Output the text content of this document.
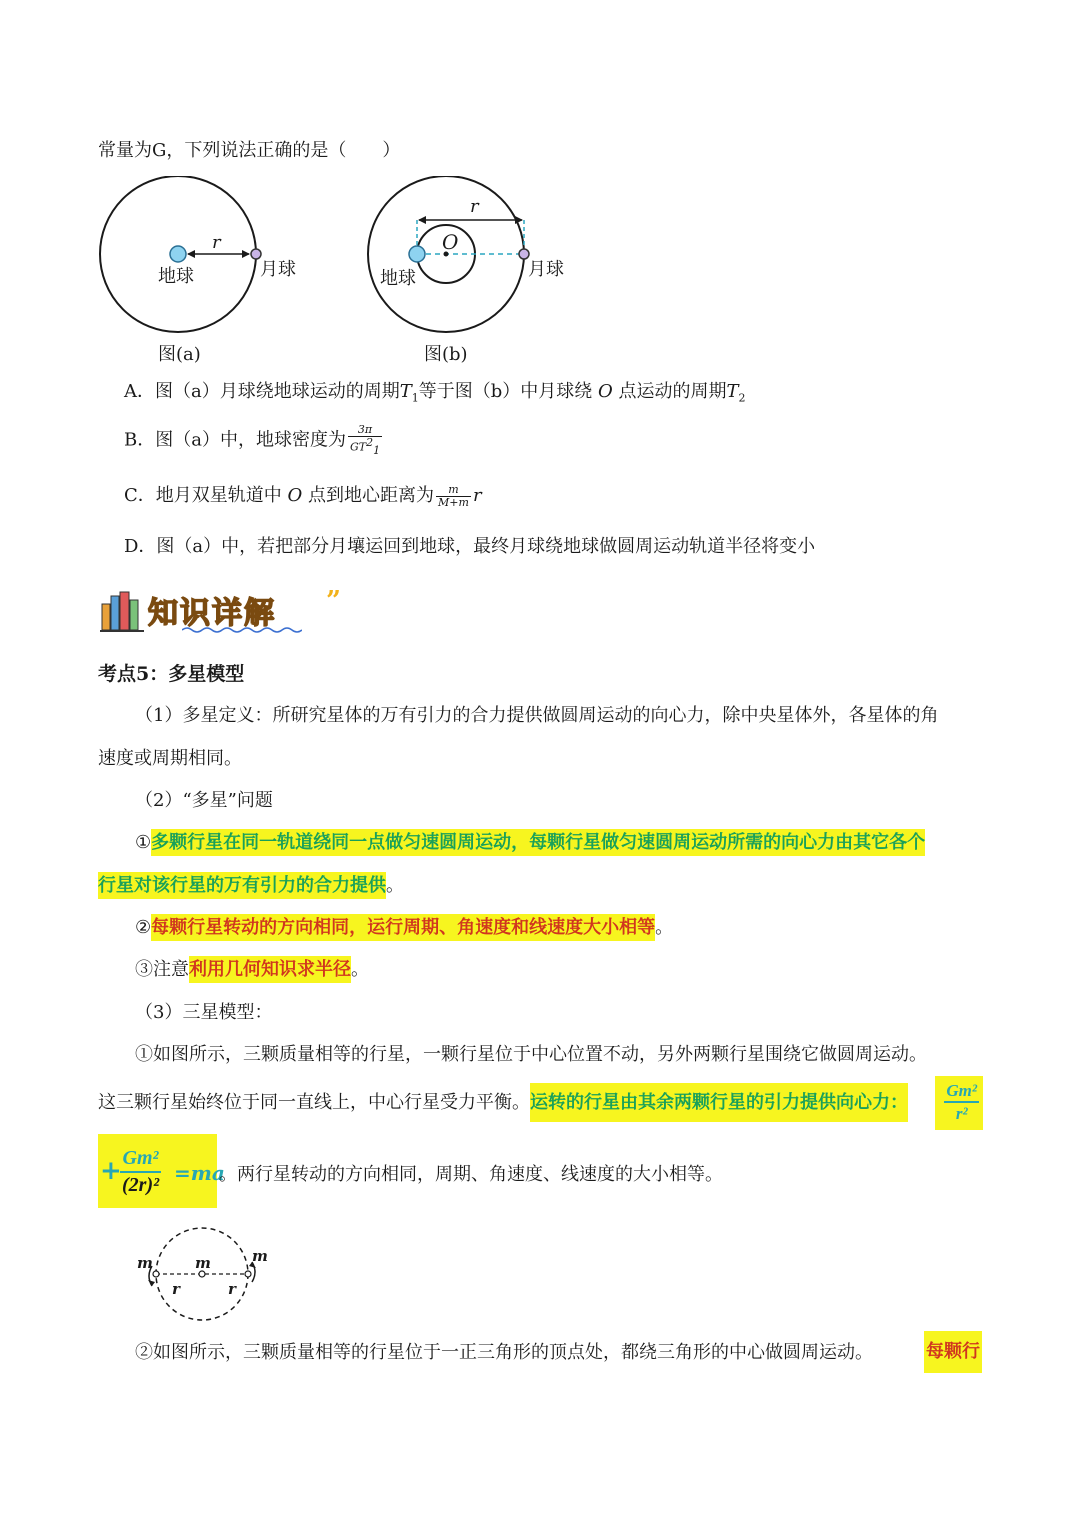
常量为G，下列说法正确的是（　　）
r
地球	月球
图(a)
r
O
地球	月球
图(b)
A．图（a）月球绕地球运动的周期$T_1$等于图（b）中月球绕 O 点运动的周期$T_2$
B．图（a）中，地球密度为 $\frac{3\pi}{GT^2_1}$
C．地月双星轨道中 O 点到地心距离为 $\frac{m}{M+m}$ r
D．图（a）中，若把部分月壤运回到地球，最终月球绕地球做圆周运动轨道半径将变小
知识详解 ”
考点5：多星模型
（1）多星定义：所研究星体的万有引力的合力提供做圆周运动的向心力，除中央星体外，各星体的角
速度或周期相同。
（2）“多星”问题
①多颗行星在同一轨道绕同一点做匀速圆周运动，每颗行星做匀速圆周运动所需的向心力由其它各个
行星对该行星的万有引力的合力提供。
②每颗行星转动的方向相同，运行周期、角速度和线速度大小相等。
③注意利用几何知识求半径。
（3）三星模型：
①如图所示，三颗质量相等的行星，一颗行星位于中心位置不动，另外两颗行星围绕它做圆周运动。
这三颗行星始终位于同一直线上，中心行星受力平衡。运转的行星由其余两颗行星的引力提供向心力： $\frac{\text{Gm²}}{\text{r²}}$
+
$\frac{\text{Gm²}}{\text{(2r)²}} =ma$
。两行星转动的方向相同，周期、角速度、线速度的大小相等。
m	m	m
r	r
②如图所示，三颗质量相等的行星位于一正三角形的顶点处，都绕三角形的中心做圆周运动。	每颗行
